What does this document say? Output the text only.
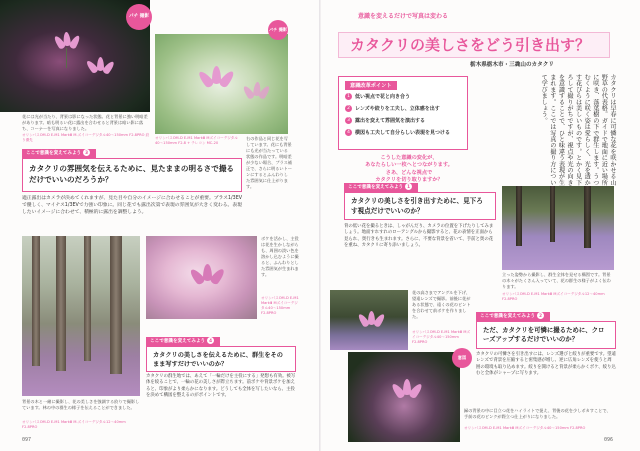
パチ 撮影
花には光が当たり、背景は影になった状態。花と背景に強い明暗差があります。暗も明るい花に露出を合わせると背景は暗い影に落ち、コーナーを写真になりました。
オリンパスOM-D E-M1 MarkⅢ M.ズイコーデジタル40〜150mm F2.8PRO 絞り優先
パチ 撮影
オリンパスOM-D E-M1 MarkⅢ Mズイコーデジタル40〜150mm F2.8 + テレコン MC-20
右の作品と同じ花を写しています。花にも背景にも光が当たっている状態の作品です。明暗差が少ない場合、プラス補正で、さらに明るいトーンにするとふんわりした雰囲気に仕上がります。
ここで意識を変えてみよう 3
カタクリの雰囲気を伝えるために、見たままの明るさで撮るだけでいいのだろうか？
適正露出はカメラが決めてくれますが、見た目や自分のイメージに合わせることが重要。プラス1/3EVで優しく、マイナス1/3EVで力強い印象に。同じ花でも露出次第で表現の雰囲気が大きく変わる。表現したいイメージに合わせて、積極的に露出を調整しよう。
背景の木と一緒に撮影し、花の美しさを強調する絞りで撮影しています。林の中の群生の様子を伝えることができました。
オリンパスOM-D E-M1 MarkⅢ M.ズイコーデジタル12〜40mm F2.8PRO
ボケを活かし、主役は花を生かしながらも、周囲の淡い色を溶かし込むように撮ると、ふんわりとした雰囲気が生まれます。
オリンパスOM-D E-M1 MarkⅢ Mズイコーデジタル40〜150mm F2.8PRO
ここで意識を変えてみよう 4
カタクリの美しさを伝えるために、群生をそのまま写すだけでいいのか？
カタクリの群生地では、あえて「一輪だけを主役にする」発想も有効。被写体を絞ることで、一輪の花の美しさが際立ちます。前ボケや背景ボケを加えると、印象がより柔らかになります。どうしても全体を写したいなら、主役を決めて構図を整えるのがポイントです。
097
意識を変えるだけで写真は変わる
カタクリの美しさをどう引き出す？
栃木県栃木市・三毳山のカタクリ
意識改革ポイント
1	低い視点で花と向き合う
2	レンズや絞りを工夫し、立体感を出す
3	露出を変えて雰囲気を演出する
4	横図も工夫して自分らしい表現を見つける
こうした意識の変化が、
あなたらしい一枚へとつながります。
さあ、どんな視点で
カタクリを切り取りますか？	カタクリは早春に可憐な花を咲かせる山野草の代表格。ガイドで地面に近い場所に咲き、落葉樹の下で群生します。うつむくように咲く姿は愛らしく、光を透かす花びらは美しいものです。とかく見下ろして撮りがちですが、視点や光の向きを意識することで、ひと味違う表現が生まれます。ここでは写真の撮り方について学びましょう。
ここで意識を変えてみよう 1
カタクリの美しさを引き出すために、見下ろす視点だけでいいのか？
背の低い花を撮るときは、しゃがんだり、カメラの位置を下げたりしてみましょう。地面すれすれのローアングルから撮影すると、花の表情を正面から見られ、奥行きも生まれます。さらに、不要な背景を省いて、手前と奥の花を重ね、カタクリに寄り添いましょう。
立った姿勢から撮影し、群生全体を見せる構図です。背景の木々がたくさん入っていて、花の群生の様子がよく伝わります。
オリンパスOM-D E-M1 MarkⅢ Mズイコーデジタル12〜40mm F2.8PRO
花の高さまでアングルを下げ、望遠レンズで撮影。前後に花がある状態で、遠くの花のピントを合わせて前ボケを作りました。
オリンパスOM-D E-M1 MarkⅢ Mズイコーデジタル40〜150mm F2.8PRO
意図
ここで意識を変えてみよう 2
ただ、カタクリを可憐に撮るために、クローズアップするだけでいいのか？
カタクリの可憐さを引き出すには、レンズ選びと絞りが重要です。望遠レンズで背景を圧縮すると密集感が増し、逆に広角レンズを使うと周囲の環境も取り込めます。絞りを開けると背景が柔らかくボケ、絞り込むと全体がシャープに写ります。
緑の背景の中に目立つ花をハイライトで捉え、背後の花を少しボカすことで、手前の花のピンクが際立つ仕上がりになりました。
オリンパスOM-D E-M1 MarkⅢ Mズイコーデジタル40〜150mm F2.8PRO
096
